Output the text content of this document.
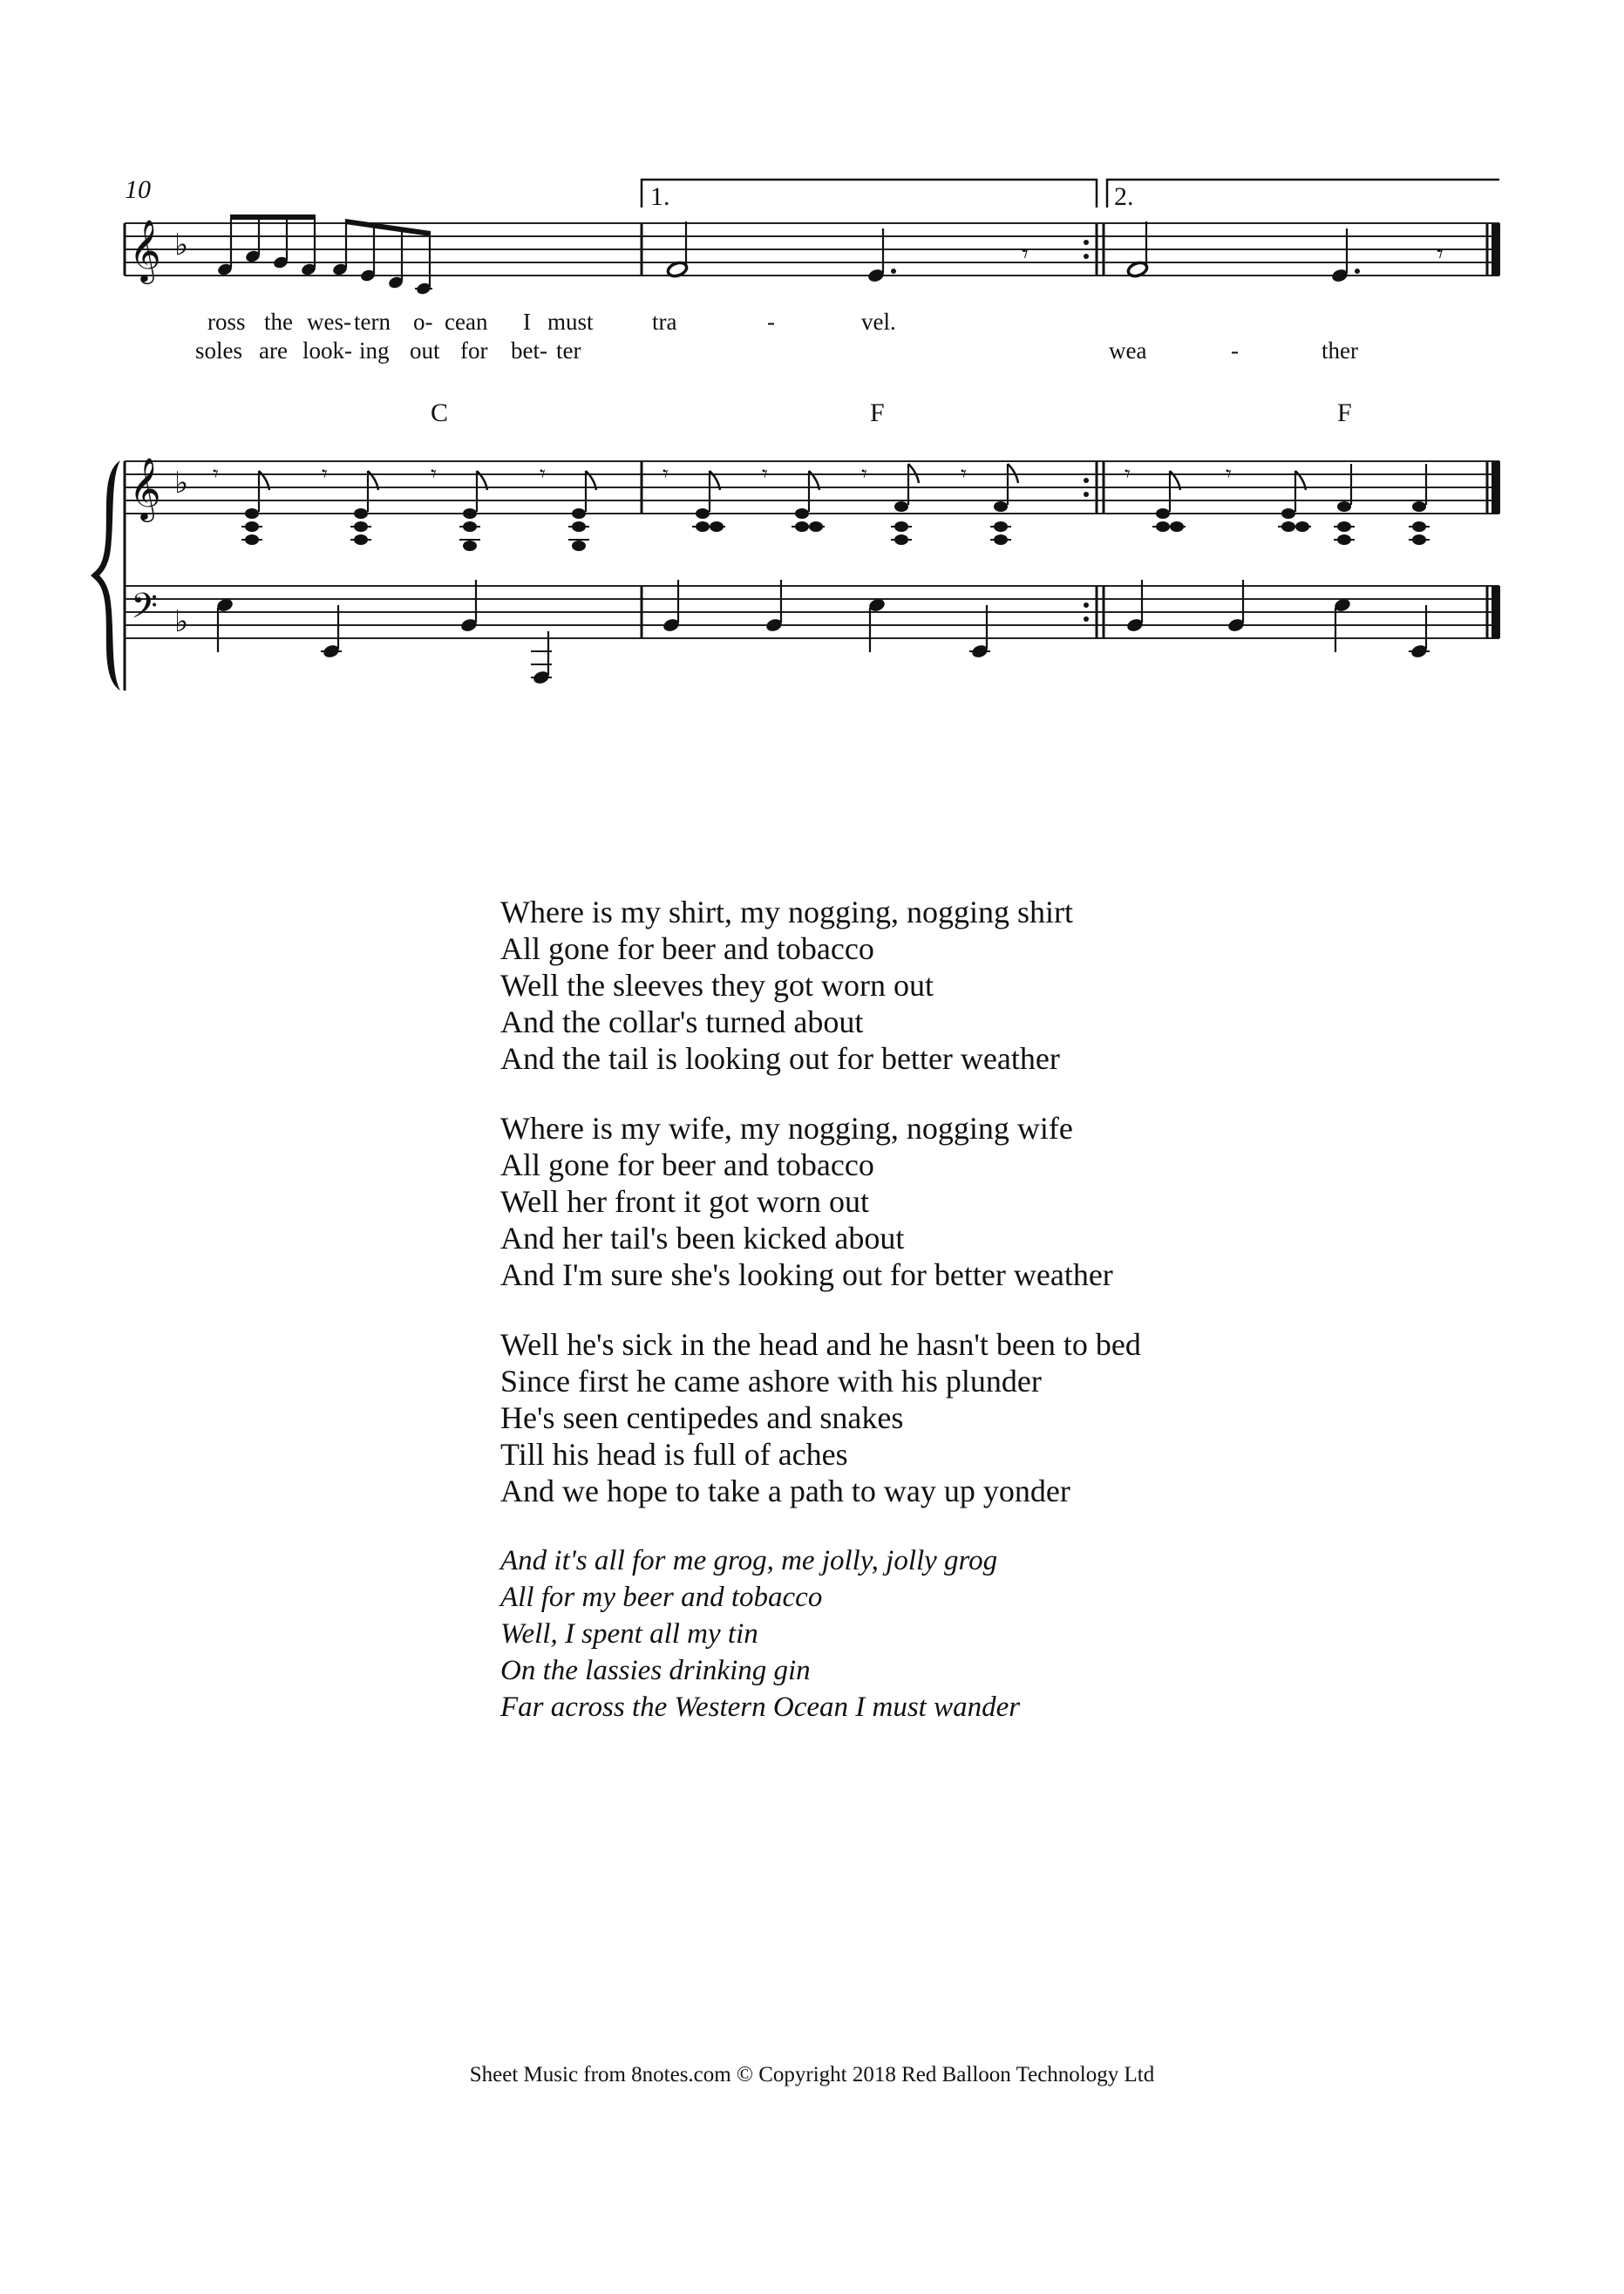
10	1.	2.
𝄞 ♭	𝄾	𝄾
ross the wes- tern o- cean I must tra	-	vel.
soles are look- ing out for bet- ter	wea	-	ther
C	F	F
𝄞 ♭ 𝄾	𝄾	𝄾	𝄾	𝄾	𝄾	𝄾	𝄾	𝄾	𝄾
𝄢 ♭
Where is my shirt, my nogging, nogging shirt
All gone for beer and tobacco
Well the sleeves they got worn out
And the collar's turned about
And the tail is looking out for better weather
Where is my wife, my nogging, nogging wife
All gone for beer and tobacco
Well her front it got worn out
And her tail's been kicked about
And I'm sure she's looking out for better weather
Well he's sick in the head and he hasn't been to bed
Since first he came ashore with his plunder
He's seen centipedes and snakes
Till his head is full of aches
And we hope to take a path to way up yonder
And it's all for me grog, me jolly, jolly grog
All for my beer and tobacco
Well, I spent all my tin
On the lassies drinking gin
Far across the Western Ocean I must wander
Sheet Music from 8notes.com © Copyright 2018 Red Balloon Technology Ltd
